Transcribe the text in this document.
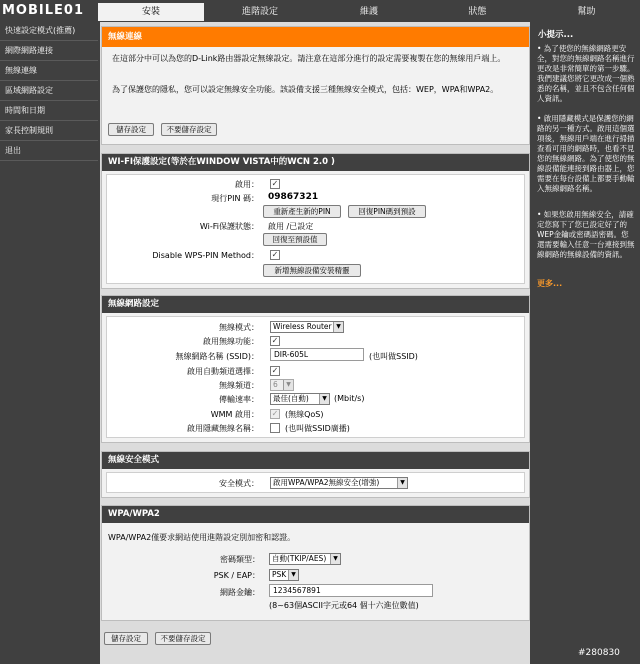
MOBILE01	安裝	進階設定	維護	狀態	幫助
快速設定模式(推薦)
網際網路連接
無線連線
區域網路設定
時間和日期
家長控制規則
退出
無線連線
在這部分中可以為您的D-Link路由器設定無線設定。請注意在這部分進行的設定需要複製在您的無線用戶端上。
為了保護您的隱私，您可以設定無線安全功能。該設備支援三種無線安全模式，包括：WEP，WPA和WPA2。
儲存設定	不要儲存設定
WI-FI保護設定(等於在WINDOW VISTA中的WCN 2.0 )
啟用： ✓
現行PIN 碼： 09867321
重新產生新的PIN	回復PIN碼到預設
Wi-Fi保護狀態： 啟用 /已設定
回復至預設值
Disable WPS-PIN Method： ✓
新增無線設備安裝精靈
無線網路設定
無線模式：	Wireless Router ▼
啟用無線功能： ✓
無線網路名稱 (SSID)：	DIR-605L	(也叫做SSID)
啟用自動頻道選擇： ✓
無線頻道：	6	▼
傳輸速率：	最佳(自動)	▼ (Mbit/s)
WMM 啟用： ✓ (無線QoS)
啟用隱藏無線名稱：	(也叫做SSID廣播)
無線安全模式
安全模式：	啟用WPA/WPA2無線安全(增強)	▼
WPA/WPA2
WPA/WPA2僅要求網站使用進階設定別加密和認證。
密碼類型：	自動(TKIP/AES)	▼
PSK / EAP：	PSK ▼
網路金鑰：	1234567891
(8~63個ASCII字元或64 個十六進位數值)
儲存設定	不要儲存設定
小提示...
• 為了使您的無線網路更安全，對您的無線網路名稱進行更改是非常簡單的第一步驟。我們建議您將它更改成一個熟悉的名稱，並且不包含任何個人資訊。
• 啟用隱藏模式是保護您的網路的另一種方式。啟用這個選項後，無線用戶端在進行掃描查看可用的網路時，也看不見您的無線網路。為了使您的無線設備能連接到路由器上，您需要在每台設備上都要手動輸入無線網路名稱。
• 如果您啟用無線安全，請確定您寫下了您已設定好了的WEP金鑰或密碼語密碼。您還需要輸入任意一台連接到無線網路的無線設備的資訊。
更多...
#280830
